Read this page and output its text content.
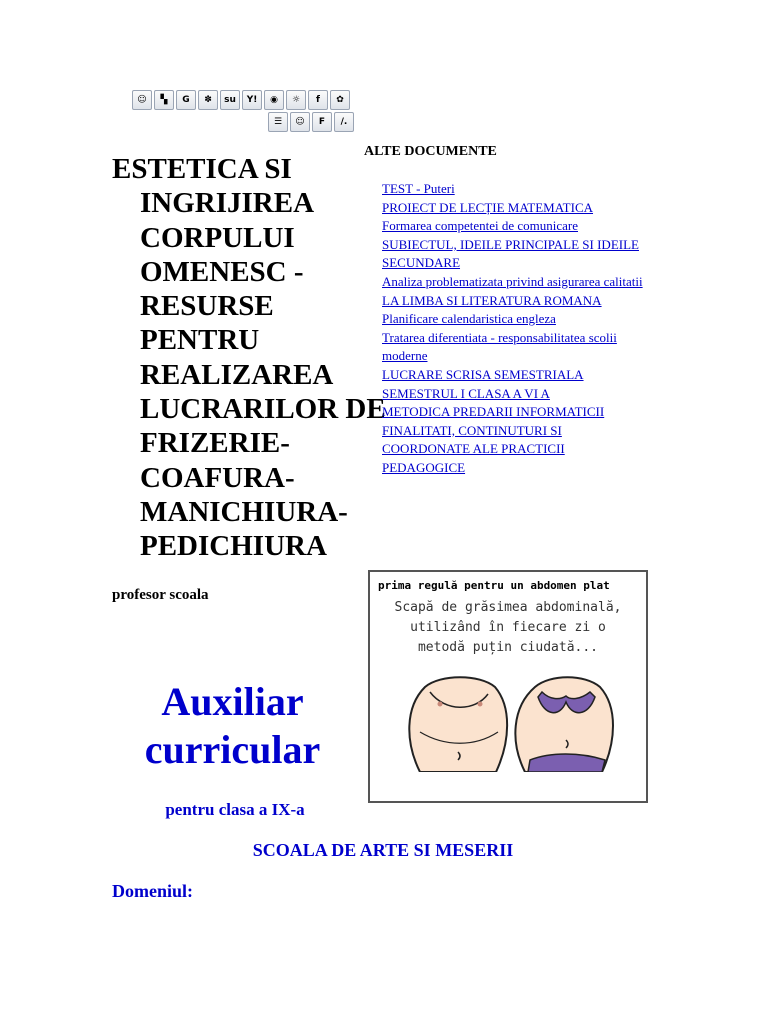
☺	▚	G	✽	su	Y!	◉	☼	f	✿
☰	☺	F	/.
ESTETICA SI INGRIJIREA CORPULUI OMENESC - RESURSE PENTRU REALIZAREA LUCRARILOR DE FRIZERIE-COAFURA-MANICHIURA-PEDICHIURA
profesor scoala
Auxiliar
curricular
pentru clasa a IX-a
SCOALA DE ARTE SI MESERII
Domeniul:
ALTE DOCUMENTE
TEST - Puteri
PROIECT DE LECȚIE MATEMATICA
Formarea competentei de comunicare
SUBIECTUL, IDEILE PRINCIPALE SI IDEILE SECUNDARE
Analiza problematizata privind asigurarea calitatii LA LIMBA SI LITERATURA ROMANA
Planificare calendaristica engleza
Tratarea diferentiata - responsabilitatea scolii moderne
LUCRARE SCRISA SEMESTRIALA SEMESTRUL I CLASA A VI A
METODICA PREDARII INFORMATICII
FINALITATI, CONTINUTURI SI COORDONATE ALE PRACTICII PEDAGOGICE
prima regulă pentru un abdomen plat
Scapă de grăsimea abdominală,
utilizând în fiecare zi o
metodă puțin ciudată...
